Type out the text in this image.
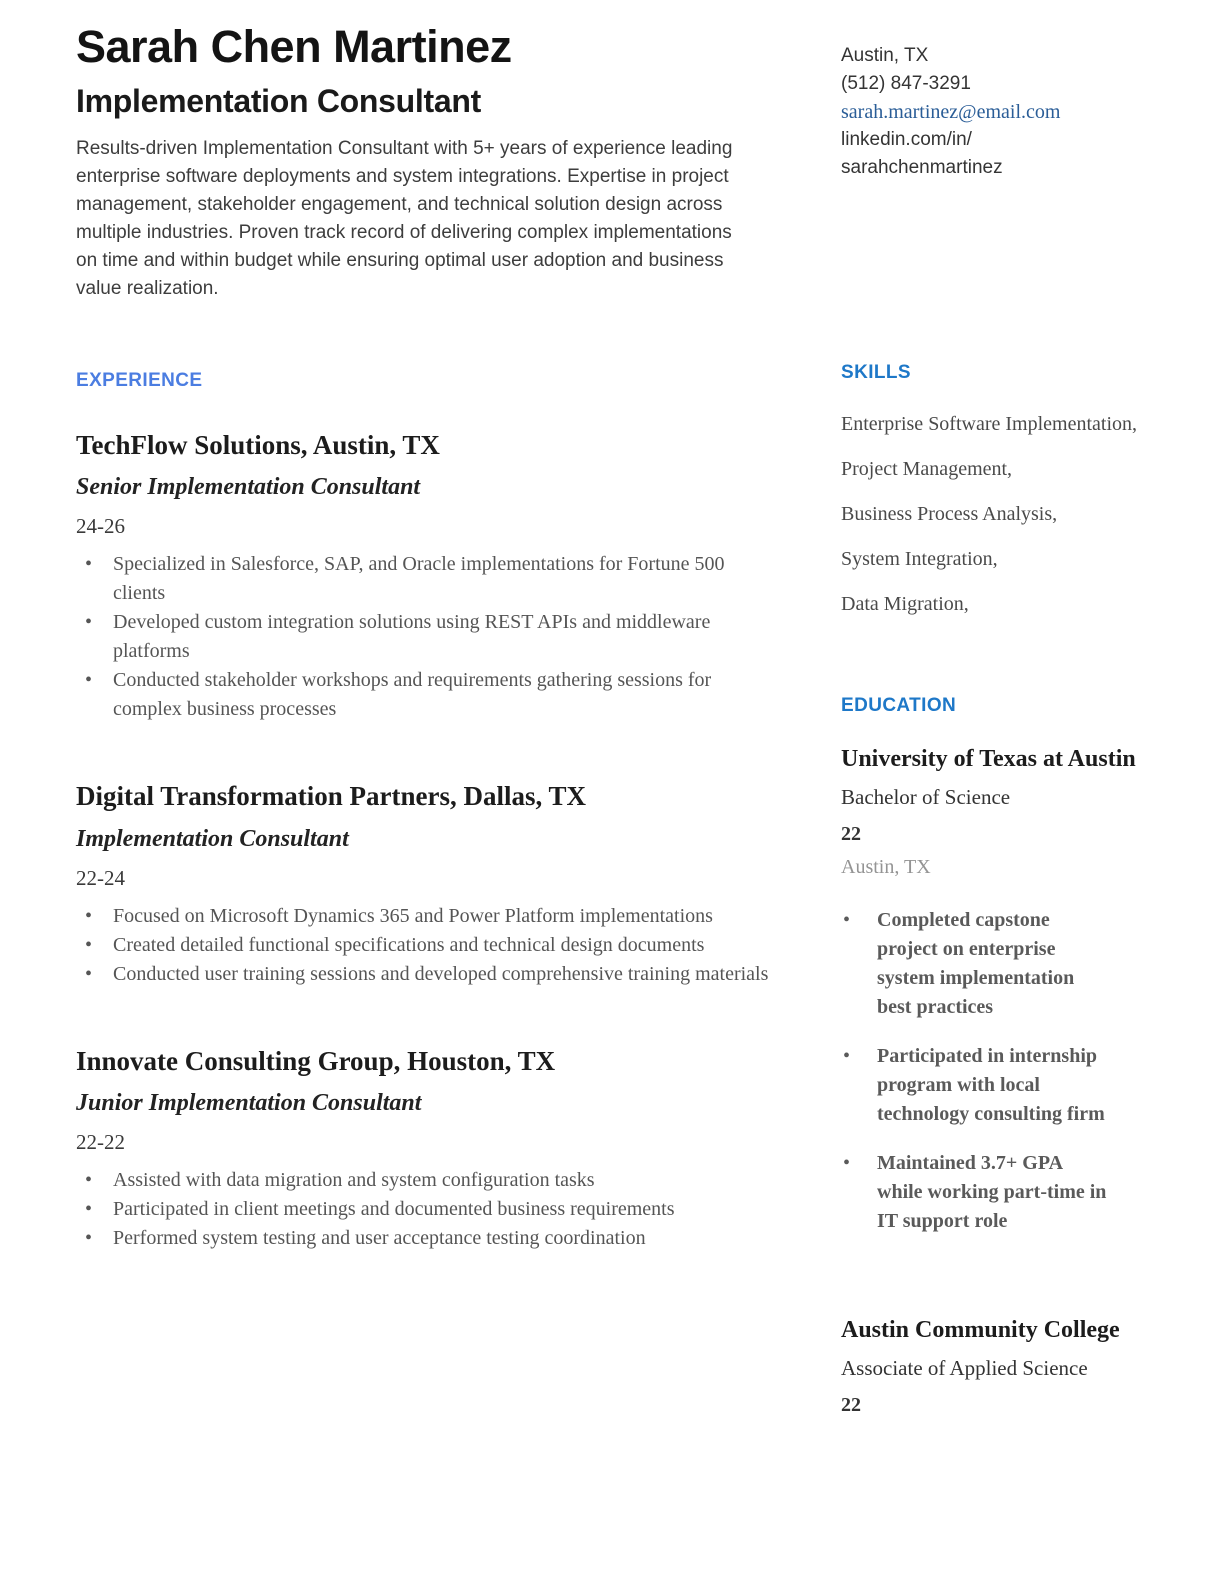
Sarah Chen Martinez
Implementation Consultant

Results-driven Implementation Consultant with 5+ years of experience leading enterprise software deployments and system integrations. Expertise in project management, stakeholder engagement, and technical solution design across multiple industries. Proven track record of delivering complex implementations on time and within budget while ensuring optimal user adoption and business value realization.

EXPERIENCE
TechFlow Solutions, Austin, TX
Senior Implementation Consultant
24-26
•	Specialized in Salesforce, SAP, and Oracle implementations for Fortune 500 clients
•	Developed custom integration solutions using REST APIs and middleware platforms
•	Conducted stakeholder workshops and requirements gathering sessions for complex business processes
Digital Transformation Partners, Dallas, TX
Implementation Consultant
22-24
•	Focused on Microsoft Dynamics 365 and Power Platform implementations
•	Created detailed functional specifications and technical design documents
•	Conducted user training sessions and developed comprehensive training materials
Innovate Consulting Group, Houston, TX
Junior Implementation Consultant
22-22
•	Assisted with data migration and system configuration tasks
•	Participated in client meetings and documented business requirements
•	Performed system testing and user acceptance testing coordination
Austin, TX
(512) 847-3291
sarah.martinez@email.com
linkedin.com/in/
sarahchenmartinez
SKILLS
Enterprise Software Implementation,
Project Management,
Business Process Analysis,
System Integration,
Data Migration,
EDUCATION
University of Texas at Austin
Bachelor of Science
22
Austin, TX
•	Completed capstone project on enterprise system implementation best practices
•	Participated in internship program with local technology consulting firm
•	Maintained 3.7+ GPA while working part-time in IT support role
Austin Community College
Associate of Applied Science
22
